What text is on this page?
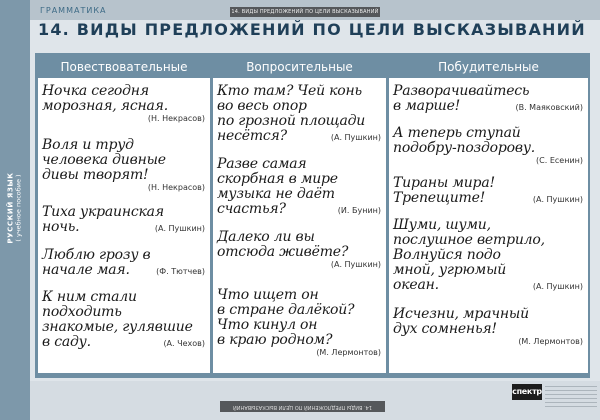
РУССКИЙ ЯЗЫК ( учебное пособие )
14. ВИДЫ ПРЕДЛОЖЕНИЙ ПО ЦЕЛИ ВЫСКАЗЫВАНИЙ
ГРАММАТИКА
14. ВИДЫ ПРЕДЛОЖЕНИЙ ПО ЦЕЛИ ВЫСКАЗЫВАНИЙ
Повествовательные	Вопросительные	Побудительные
Ночка сегодня
морозная, ясная.
(Н. Некрасов)
Воля и труд
человека дивные
дивы творят!
(Н. Некрасов)
Тиха украинская
ночь.	(А. Пушкин)
Люблю грозу в
начале мая.	(Ф. Тютчев)
К ним стали
подходить
знакомые, гулявшие
в саду.	(А. Чехов)
Кто там? Чей конь
во весь опор
по грозной площади
несётся?	(А. Пушкин)
Разве самая
скорбная в мире
музыка не даёт
счастья?	(И. Бунин)
Далеко ли вы
отсюда живёте?
(А. Пушкин)
Что ищет он
в стране далёкой?
Что кинул он
в краю родном?
(М. Лермонтов)
Разворачивайтесь
в марше!	(В. Маяковский)
А теперь ступай
подобру-поздорову.
(С. Есенин)
Тираны мира!
Трепещите!	(А. Пушкин)
Шуми, шуми,
послушное ветрило,
Волнуйся подо
мной, угрюмый
океан.	(А. Пушкин)
Исчезни, мрачный
дух сомненья!
(М. Лермонтов)
14. ВИДЫ ПРЕДЛОЖЕНИЙ ПО ЦЕЛИ ВЫСКАЗЫВАНИЙ
спектр
